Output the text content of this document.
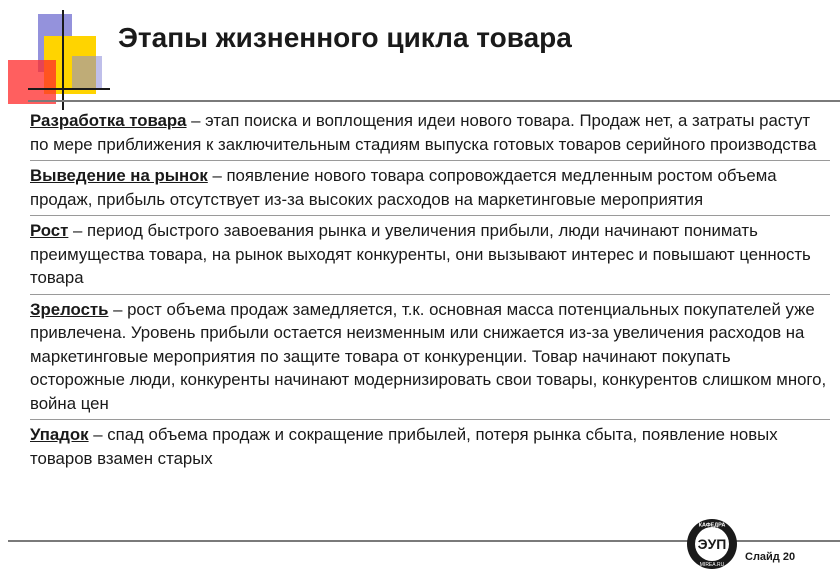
Этапы жизненного цикла товара

Разработка товара – этап поиска и воплощения идеи нового товара. Продаж нет, а затраты растут по мере приближения к заключительным стадиям выпуска готовых товаров серийного производства

Выведение на рынок – появление нового товара сопровождается медленным ростом объема продаж, прибыль отсутствует из-за высоких расходов на маркетинговые мероприятия

Рост – период быстрого завоевания рынка и увеличения прибыли, люди начинают понимать преимущества товара, на рынок выходят конкуренты, они вызывают интерес и повышают ценность товара

Зрелость – рост объема продаж замедляется, т.к. основная масса потенциальных покупателей уже привлечена. Уровень прибыли остается неизменным или снижается из-за увеличения расходов на маркетинговые мероприятия по защите товара от конкуренции. Товар начинают покупать осторожные люди, конкуренты начинают модернизировать свои товары, конкурентов слишком много, война цен

Упадок – спад объема продаж и сокращение прибылей, потеря рынка сбыта, появление новых товаров взамен старых

ЭУП
КАФЕДРА
MIREA.RU
Слайд 20
